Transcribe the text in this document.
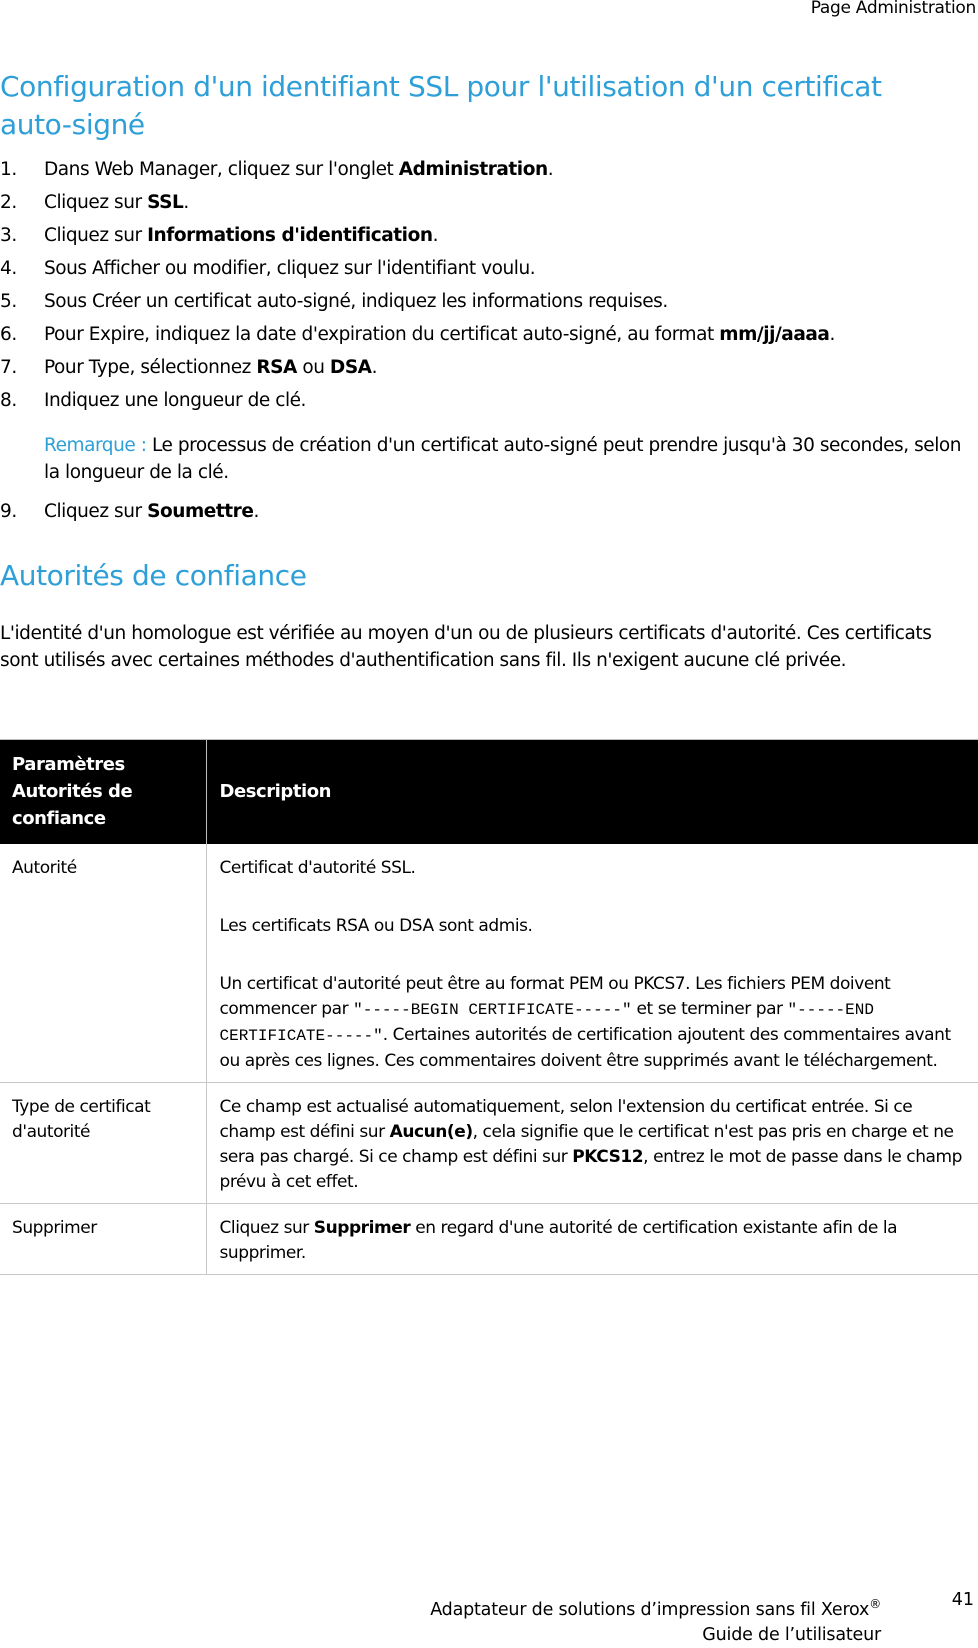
Page Administration
Configuration d'un identifiant SSL pour l'utilisation d'un certificat auto-signé
1. Dans Web Manager, cliquez sur l'onglet Administration.
2. Cliquez sur SSL.
3. Cliquez sur Informations d'identification.
4. Sous Afficher ou modifier, cliquez sur l'identifiant voulu.
5. Sous Créer un certificat auto-signé, indiquez les informations requises.
6. Pour Expire, indiquez la date d'expiration du certificat auto-signé, au format mm/jj/aaaa.
7. Pour Type, sélectionnez RSA ou DSA.
8. Indiquez une longueur de clé.
Remarque : Le processus de création d'un certificat auto-signé peut prendre jusqu'à 30 secondes, selon la longueur de la clé.
9. Cliquez sur Soumettre.
Autorités de confiance

L'identité d'un homologue est vérifiée au moyen d'un ou de plusieurs certificats d'autorité. Ces certificats sont utilisés avec certaines méthodes d'authentification sans fil. Ils n'exigent aucune clé privée.

Paramètres Autorités de confiance	Description
Autorité	Certificat d'autorité SSL.

Les certificats RSA ou DSA sont admis.

Un certificat d'autorité peut être au format PEM ou PKCS7. Les fichiers PEM doivent commencer par "-----BEGIN CERTIFICATE-----" et se terminer par "-----END CERTIFICATE-----". Certaines autorités de certification ajoutent des commentaires avant ou après ces lignes. Ces commentaires doivent être supprimés avant le téléchargement.

Type de certificat d'autorité	Ce champ est actualisé automatiquement, selon l'extension du certificat entrée. Si ce champ est défini sur Aucun(e), cela signifie que le certificat n'est pas pris en charge et ne sera pas chargé. Si ce champ est défini sur PKCS12, entrez le mot de passe dans le champ prévu à cet effet.
Supprimer	Cliquez sur Supprimer en regard d'une autorité de certification existante afin de la supprimer.
Adaptateur de solutions d’impression sans fil Xerox®
Guide de l’utilisateur
41
